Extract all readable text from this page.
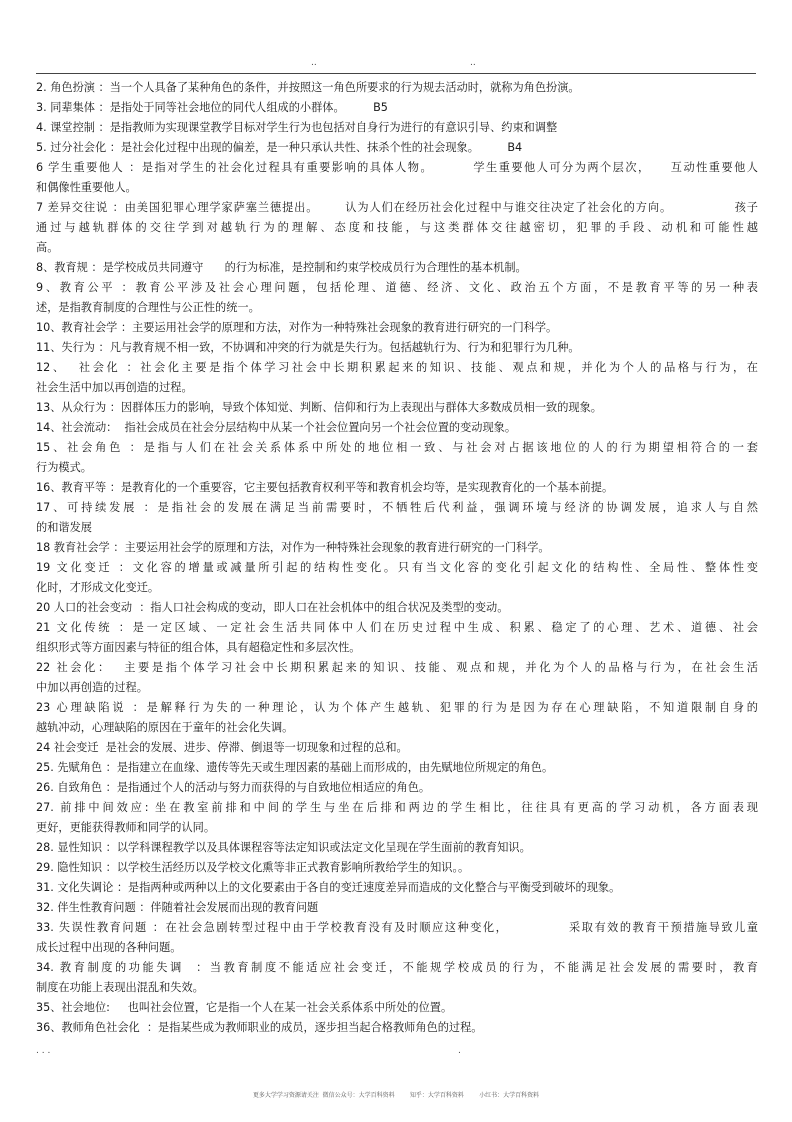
..	..
2. 角色扮演 ：当一个人具备了某种角色的条件，并按照这一角色所要求的行为规去活动时，就称为角色扮演。
3. 同辈集体 ：是指处于同等社会地位的同代人组成的小群体。        B5
4. 课堂控制 ：是指教师为实现课堂教学目标对学生行为也包括对自身行为进行的有意识引导、约束和调整
5. 过分社会化 ：是社会化过程中出现的偏差，是一种只承认共性、抹杀个性的社会现象。        B4
6 学生重要他人 ：是指对学生的社会化过程具有重要影响的具体人物。        学生重要他人可分为两个层次，    互动性重要他人
和偶像性重要他人。
7 差异交往说 ：由美国犯罪心理学家萨塞兰德提出。      认为人们在经历社会化过程中与谁交往决定了社会化的方向。              孩子
通过与越轨群体的交往学到对越轨行为的理解、态度和技能，与这类群体交往越密切，犯罪的手段、动机和可能性越
高。
8、教育规 ：是学校成员共同遵守      的行为标准，是控制和约束学校成员行为合理性的基本机制。
9、教育公平 ：教育公平涉及社会心理问题，包括伦理、道德、经济、文化、政治五个方面，不是教育平等的另一种表
述，是指教育制度的合理性与公正性的统一。
10、教育社会学 ：主要运用社会学的原理和方法，对作为一种特殊社会现象的教育进行研究的一门科学。
11、失行为 ：凡与教育规不相一致，不协调和冲突的行为就是失行为。包括越轨行为、行为和犯罪行为几种。
12、  社会化 ：社会化主要是指个体学习社会中长期积累起来的知识、技能、观点和规，并化为个人的品格与行为，在
社会生活中加以再创造的过程。
13、从众行为 ：因群体压力的影响，导致个体知觉、判断、信仰和行为上表现出与群体大多数成员相一致的现象。
14、社会流动：  指社会成员在社会分层结构中从某一个社会位置向另一个社会位置的变动现象。
15、社会角色 ：是指与人们在社会关系体系中所处的地位相一致、与社会对占据该地位的人的行为期望相符合的一套
行为模式。
16、教育平等 ：是教育化的一个重要容，它主要包括教育权利平等和教育机会均等，是实现教育化的一个基本前提。
17、可持续发展 ：是指社会的发展在满足当前需要时，不牺牲后代利益，强调环境与经济的协调发展，追求人与自然
的和谐发展
18 教育社会学 ：主要运用社会学的原理和方法，对作为一种特殊社会现象的教育进行研究的一门科学。
19 文化变迁 ：文化容的增量或减量所引起的结构性变化。只有当文化容的变化引起文化的结构性、全局性、整体性变
化时，才形成文化变迁。
20 人口的社会变动  ：指人口社会构成的变动，即人口在社会机体中的组合状况及类型的变动。
21 文化传统 ：是一定区域、一定社会生活共同体中人们在历史过程中生成、积累、稳定了的心理、艺术、道德、社会
组织形式等方面因素与特征的组合体，具有超稳定性和多层次性。
22 社会化：  主要是指个体学习社会中长期积累起来的知识、技能、观点和规，并化为个人的品格与行为，在社会生活
中加以再创造的过程。
23 心理缺陷说 ：是解释行为失的一种理论，认为个体产生越轨、犯罪的行为是因为存在心理缺陷，不知道限制自身的
越轨冲动，心理缺陷的原因在于童年的社会化失调。
24 社会变迁  是社会的发展、进步、停滞、倒退等一切现象和过程的总和。
25. 先赋角色 ：是指建立在血缘、遗传等先天或生理因素的基础上而形成的，由先赋地位所规定的角色。
26. 自致角色 ：是指通过个人的活动与努力而获得的与自致地位相适应的角色。
27. 前排中间效应: 坐在教室前排和中间的学生与坐在后排和两边的学生相比，往往具有更高的学习动机，各方面表现
更好，更能获得教师和同学的认同。
28. 显性知识 ：以学科课程教学以及具体课程容等法定知识或法定文化呈现在学生面前的教育知识。
29. 隐性知识 ：以学校生活经历以及学校文化熏等非正式教育影响所教给学生的知识。。
31. 文化失调论 ：是指两种或两种以上的文化要素由于各自的变迁速度差异而造成的文化整合与平衡受到破坏的现象。
32. 伴生性教育问题 ：伴随着社会发展而出现的教育问题
33. 失误性教育问题 ：在社会急剧转型过程中由于学校教育没有及时顺应这种变化，            采取有效的教育干预措施导致儿童
成长过程中出现的各种问题。
34. 教育制度的功能失调  ：当教育制度不能适应社会变迁，不能规学校成员的行为，不能满足社会发展的需要时，教育
制度在功能上表现出混乱和失效。
35、社会地位:     也叫社会位置，它是指一个人在某一社会关系体系中所处的位置。
36、教师角色社会化  ：是指某些成为教师职业的成员，逐步担当起合格教师角色的过程。
. . .	.
更多大学学习资源请关注  微信公众号：大学百科资料        知乎：大学百科资料        小红书：大学百科资料
